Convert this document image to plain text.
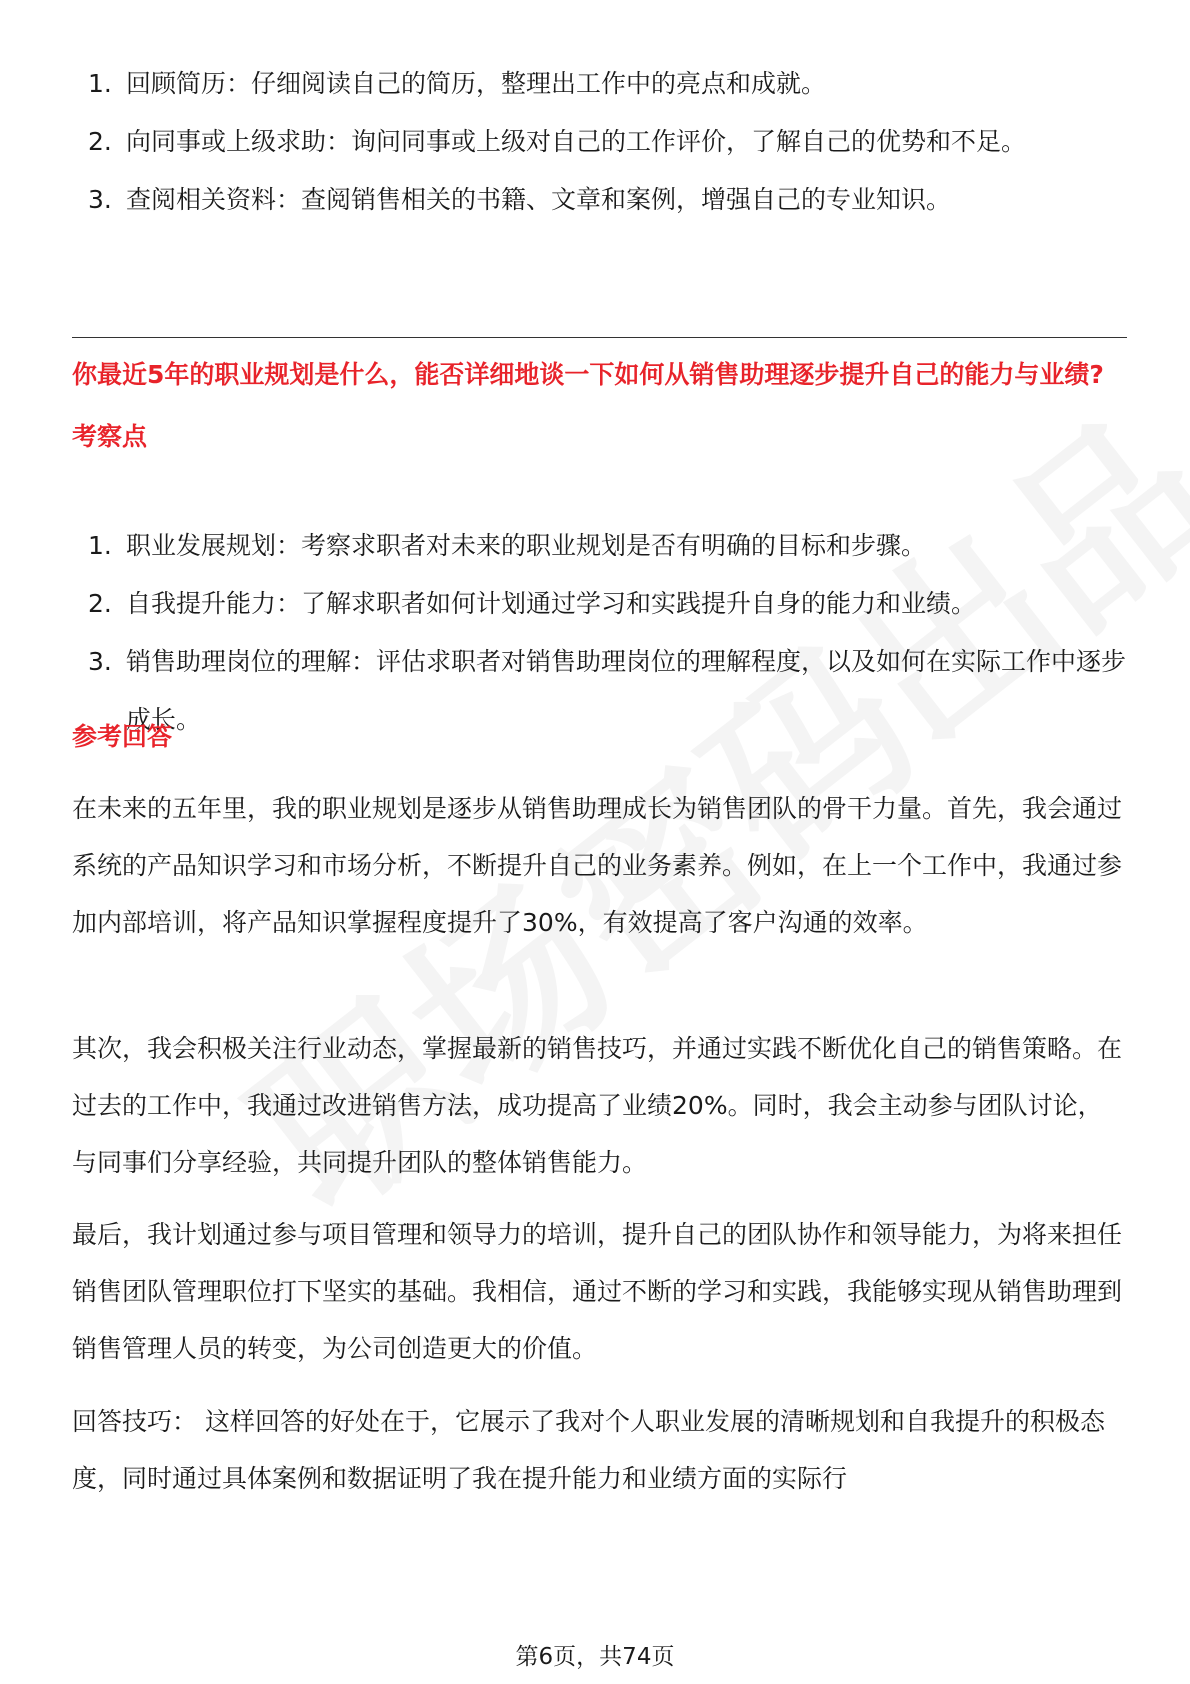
1. 回顾简历：仔细阅读自己的简历，整理出工作中的亮点和成就。
2. 向同事或上级求助：询问同事或上级对自己的工作评价，了解自己的优势和不足。
3. 查阅相关资料：查阅销售相关的书籍、文章和案例，增强自己的专业知识。
你最近5年的职业规划是什么，能否详细地谈一下如何从销售助理逐步提升自己的能力与业绩?
考察点
1. 职业发展规划：考察求职者对未来的职业规划是否有明确的目标和步骤。
2. 自我提升能力：了解求职者如何计划通过学习和实践提升自身的能力和业绩。
3. 销售助理岗位的理解：评估求职者对销售助理岗位的理解程度，以及如何在实际工作中逐步成长。
参考回答

在未来的五年里，我的职业规划是逐步从销售助理成长为销售团队的骨干力量。首先，我会通过系统的产品知识学习和市场分析，不断提升自己的业务素养。例如，在上一个工作中，我通过参加内部培训，将产品知识掌握程度提升了30%，有效提高了客户沟通的效率。

其次，我会积极关注行业动态，掌握最新的销售技巧，并通过实践不断优化自己的销售策略。在过去的工作中，我通过改进销售方法，成功提高了业绩20%。同时，我会主动参与团队讨论，与同事们分享经验，共同提升团队的整体销售能力。

最后，我计划通过参与项目管理和领导力的培训，提升自己的团队协作和领导能力，为将来担任销售团队管理职位打下坚实的基础。我相信，通过不断的学习和实践，我能够实现从销售助理到销售管理人员的转变，为公司创造更大的价值。

回答技巧： 这样回答的好处在于，它展示了我对个人职业发展的清晰规划和自我提升的积极态度，同时通过具体案例和数据证明了我在提升能力和业绩方面的实际行

第6页，共74页
